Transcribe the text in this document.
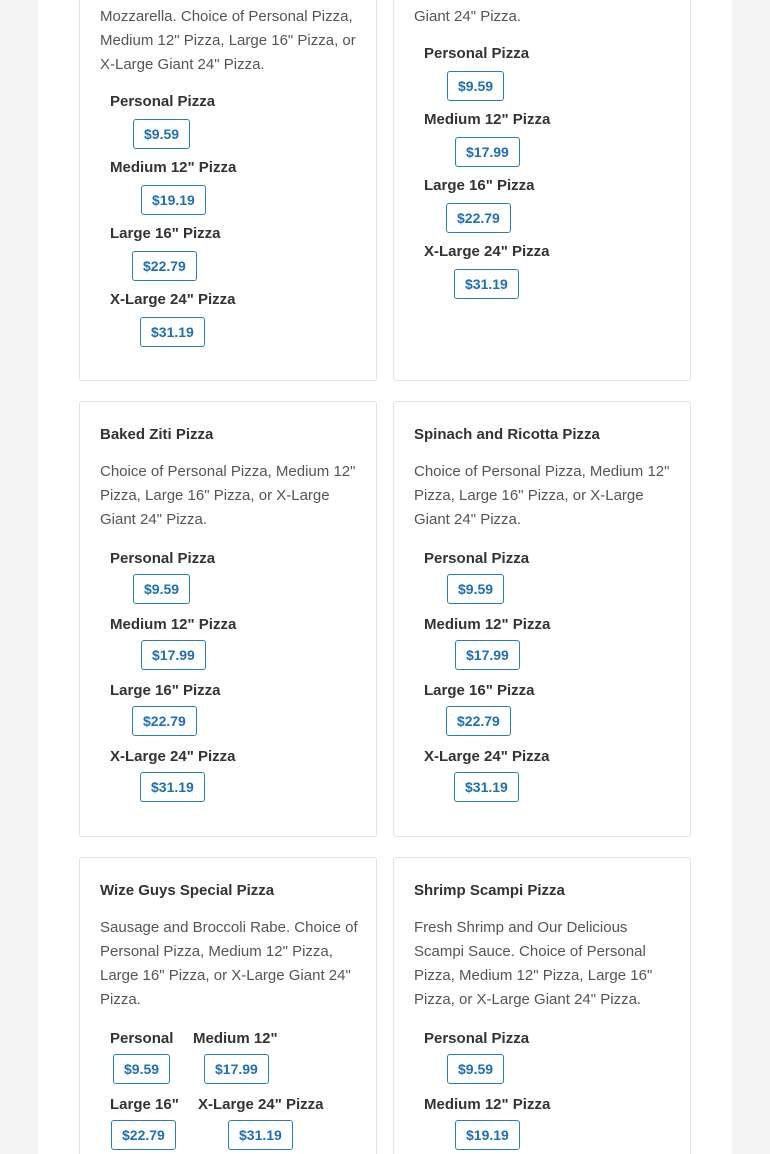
Mozzarella. Choice of Personal Pizza, Medium 12" Pizza, Large 16" Pizza, or X-Large Giant 24" Pizza.
Personal Pizza
$9.59
Medium 12" Pizza
$19.19
Large 16" Pizza
$22.79
X-Large 24" Pizza
$31.19
Giant 24" Pizza.
Personal Pizza
$9.59
Medium 12" Pizza
$17.99
Large 16" Pizza
$22.79
X-Large 24" Pizza
$31.19
Baked Ziti Pizza
Choice of Personal Pizza, Medium 12" Pizza, Large 16" Pizza, or X-Large Giant 24" Pizza.
Personal Pizza
$9.59
Medium 12" Pizza
$17.99
Large 16" Pizza
$22.79
X-Large 24" Pizza
$31.19
Spinach and Ricotta Pizza
Choice of Personal Pizza, Medium 12" Pizza, Large 16" Pizza, or X-Large Giant 24" Pizza.
Personal Pizza
$9.59
Medium 12" Pizza
$17.99
Large 16" Pizza
$22.79
X-Large 24" Pizza
$31.19
Wize Guys Special Pizza
Sausage and Broccoli Rabe. Choice of Personal Pizza, Medium 12" Pizza, Large 16" Pizza, or X-Large Giant 24" Pizza.
Personal
$9.59
Medium 12"
$17.99
Large 16"
$22.79
X-Large 24" Pizza
$31.19
Shrimp Scampi Pizza
Fresh Shrimp and Our Delicious Scampi Sauce. Choice of Personal Pizza, Medium 12" Pizza, Large 16" Pizza, or X-Large Giant 24" Pizza.
Personal Pizza
$9.59
Medium 12" Pizza
$19.19
